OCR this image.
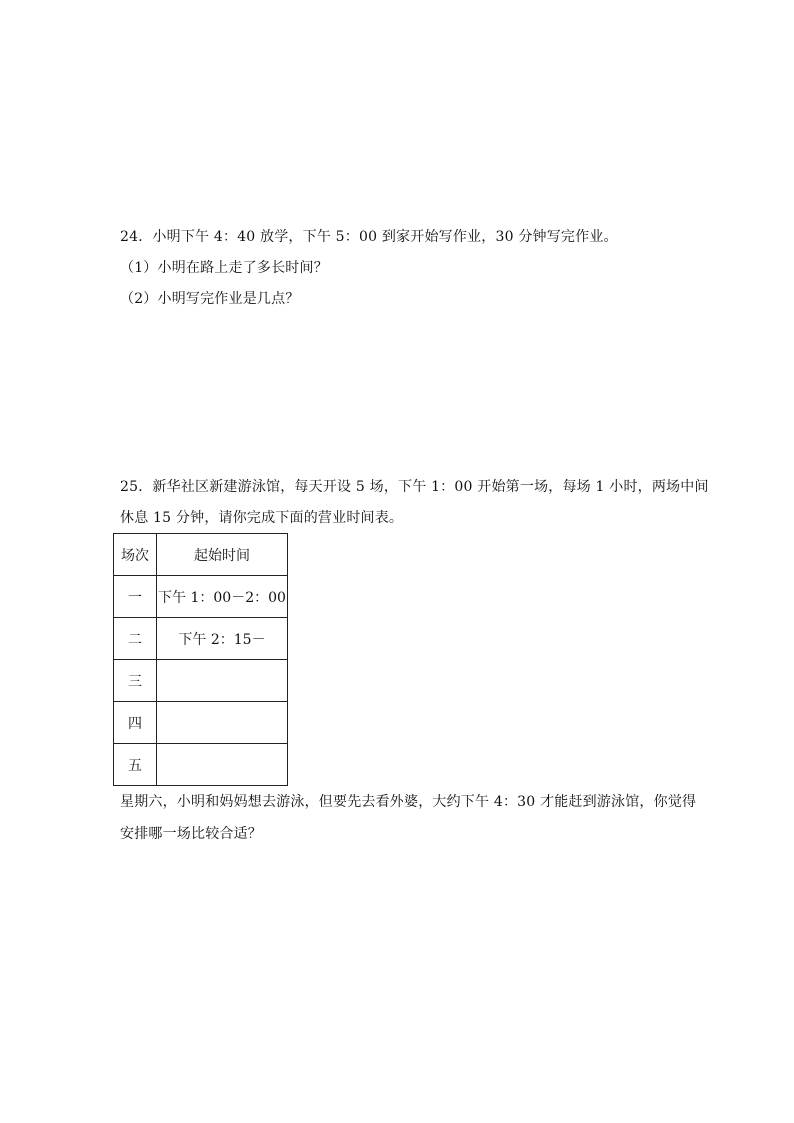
24．小明下午 4：40 放学，下午 5：00 到家开始写作业，30 分钟写完作业。
（1）小明在路上走了多长时间？
（2）小明写完作业是几点？
25．新华社区新建游泳馆，每天开设 5 场，下午 1：00 开始第一场，每场 1 小时，两场中间
休息 15 分钟，请你完成下面的营业时间表。
场次	起始时间
一	下午 1：00－2：00
二	下午 2：15－
三	
四	
五	
星期六，小明和妈妈想去游泳，但要先去看外婆，大约下午 4：30 才能赶到游泳馆，你觉得
安排哪一场比较合适？
